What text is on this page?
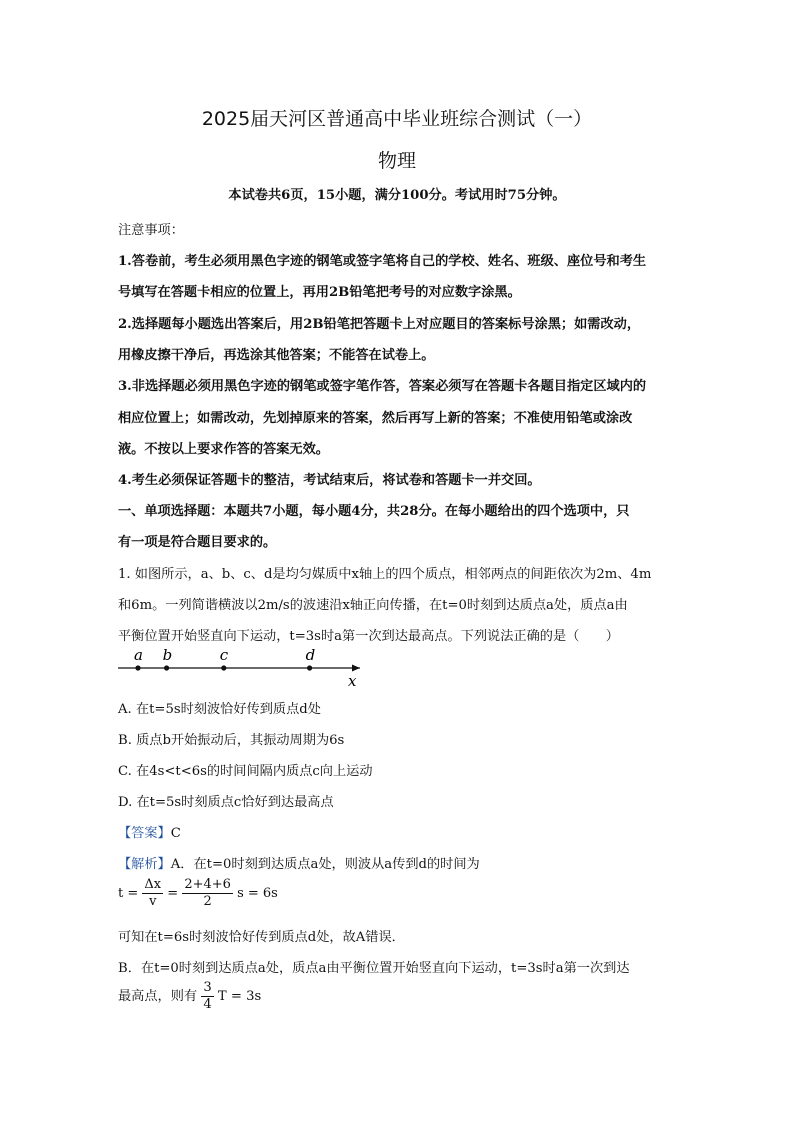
2025届天河区普通高中毕业班综合测试（一）
物理
本试卷共6页，15小题，满分100分。考试用时75分钟。
注意事项：
1.答卷前，考生必须用黑色字迹的钢笔或签字笔将自己的学校、姓名、班级、座位号和考生
号填写在答题卡相应的位置上，再用2B铅笔把考号的对应数字涂黑。
2.选择题每小题选出答案后，用2B铅笔把答题卡上对应题目的答案标号涂黑；如需改动，
用橡皮擦干净后，再选涂其他答案；不能答在试卷上。
3.非选择题必须用黑色字迹的钢笔或签字笔作答，答案必须写在答题卡各题目指定区域内的
相应位置上；如需改动，先划掉原来的答案，然后再写上新的答案；不准使用铅笔或涂改
液。不按以上要求作答的答案无效。
4.考生必须保证答题卡的整洁，考试结束后，将试卷和答题卡一并交回。
一、单项选择题：本题共7小题，每小题4分，共28分。在每小题给出的四个选项中，只
有一项是符合题目要求的。
1. 如图所示，a、b、c、d是均匀媒质中x轴上的四个质点，相邻两点的间距依次为2m、4m
和6m。一列简谐横波以2m/s的波速沿x轴正向传播，在t=0时刻到达质点a处，质点a由
平衡位置开始竖直向下运动，t=3s时a第一次到达最高点。下列说法正确的是（　　）
x
a b	c	d
A. 在t=5s时刻波恰好传到质点d处
B. 质点b开始振动后，其振动周期为6s
C. 在4s<t<6s的时间间隔内质点c向上运动
D. 在t=5s时刻质点c恰好到达最高点
【答案】C
【解析】A．在t=0时刻到达质点a处，则波从a传到d的时间为
$t = \frac{\Delta x}{v} = \frac{2+4+6}{2}$ s = 6s
可知在t=6s时刻波恰好传到质点d处，故A错误．
B．在t=0时刻到达质点a处，质点a由平衡位置开始竖直向下运动，t=3s时a第一次到达
最高点，则有 $\frac{3}{4}$ T = 3s
